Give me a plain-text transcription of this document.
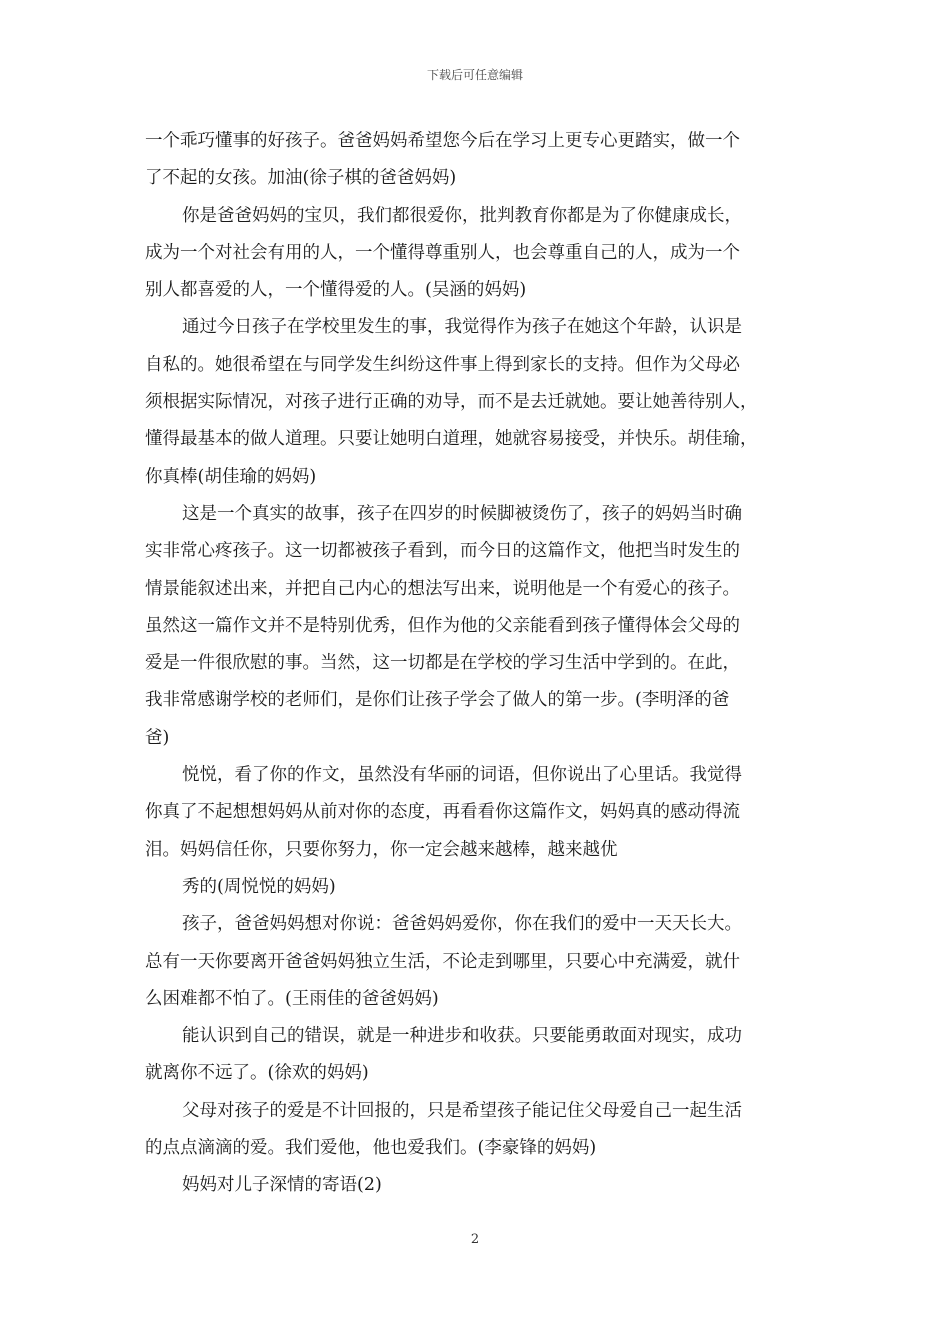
下载后可任意编辑

一个乖巧懂事的好孩子。爸爸妈妈希望您今后在学习上更专心更踏实，做一个
了不起的女孩。加油(徐子棋的爸爸妈妈)

你是爸爸妈妈的宝贝，我们都很爱你，批判教育你都是为了你健康成长，
成为一个对社会有用的人，一个懂得尊重别人，也会尊重自己的人，成为一个
别人都喜爱的人，一个懂得爱的人。(吴涵的妈妈)

通过今日孩子在学校里发生的事，我觉得作为孩子在她这个年龄，认识是
自私的。她很希望在与同学发生纠纷这件事上得到家长的支持。但作为父母必
须根据实际情况，对孩子进行正确的劝导，而不是去迁就她。要让她善待别人，
懂得最基本的做人道理。只要让她明白道理，她就容易接受，并快乐。胡佳瑜，
你真棒(胡佳瑜的妈妈)

这是一个真实的故事，孩子在四岁的时候脚被烫伤了，孩子的妈妈当时确
实非常心疼孩子。这一切都被孩子看到，而今日的这篇作文，他把当时发生的
情景能叙述出来，并把自己内心的想法写出来，说明他是一个有爱心的孩子。
虽然这一篇作文并不是特别优秀，但作为他的父亲能看到孩子懂得体会父母的
爱是一件很欣慰的事。当然，这一切都是在学校的学习生活中学到的。在此，
我非常感谢学校的老师们，是你们让孩子学会了做人的第一步。(李明泽的爸
爸)

悦悦，看了你的作文，虽然没有华丽的词语，但你说出了心里话。我觉得
你真了不起想想妈妈从前对你的态度，再看看你这篇作文，妈妈真的感动得流
泪。妈妈信任你，只要你努力，你一定会越来越棒，越来越优

秀的(周悦悦的妈妈)

孩子，爸爸妈妈想对你说：爸爸妈妈爱你，你在我们的爱中一天天长大。
总有一天你要离开爸爸妈妈独立生活，不论走到哪里，只要心中充满爱，就什
么困难都不怕了。(王雨佳的爸爸妈妈)

能认识到自己的错误，就是一种进步和收获。只要能勇敢面对现实，成功
就离你不远了。(徐欢的妈妈)

父母对孩子的爱是不计回报的，只是希望孩子能记住父母爱自己一起生活
的点点滴滴的爱。我们爱他，他也爱我们。(李豪锋的妈妈)

妈妈对儿子深情的寄语(2)

2
